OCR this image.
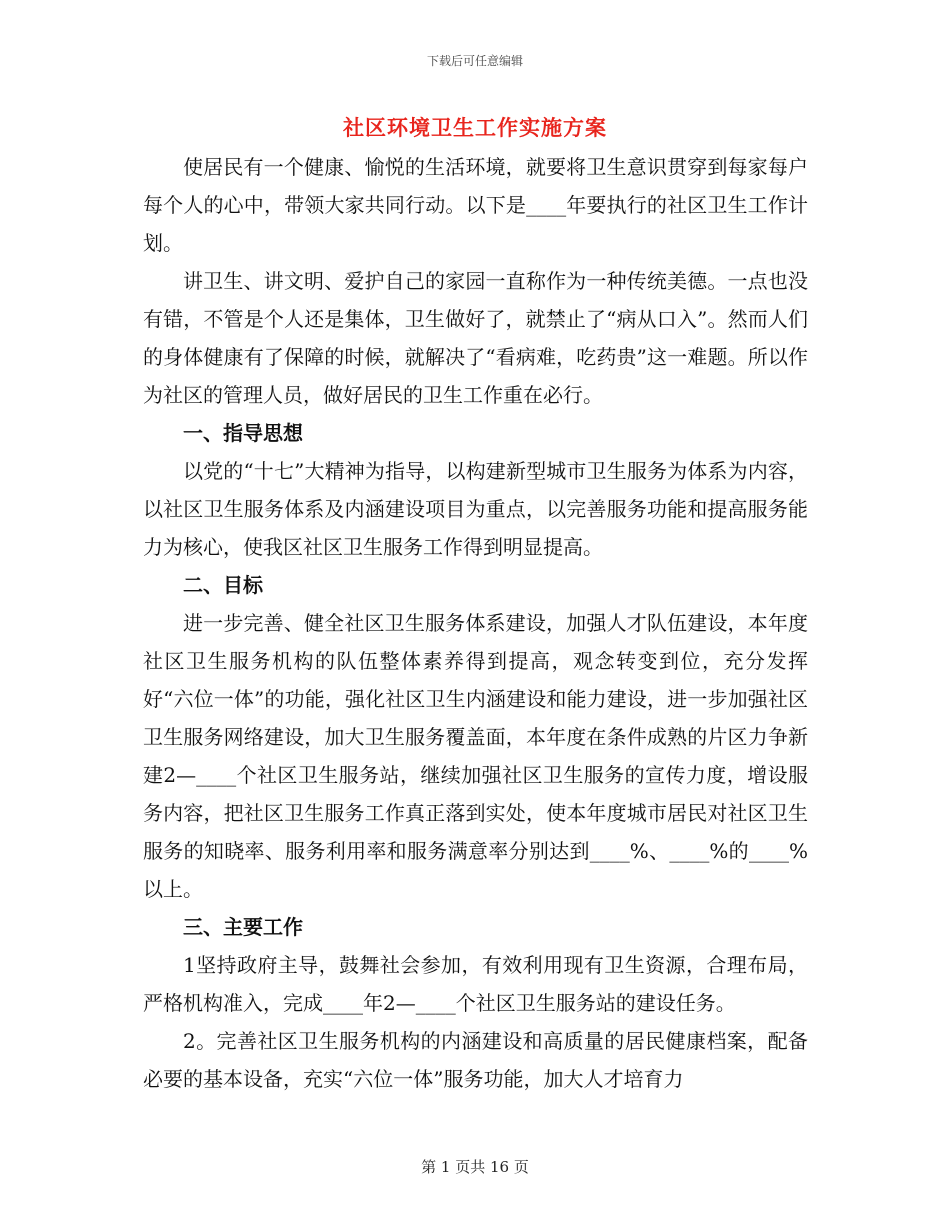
下载后可任意编辑
社区环境卫生工作实施方案

使居民有一个健康、愉悦的生活环境，就要将卫生意识贯穿到每家每户每个人的心中，带领大家共同行动。以下是____年要执行的社区卫生工作计划。

讲卫生、讲文明、爱护自己的家园一直称作为一种传统美德。一点也没有错，不管是个人还是集体，卫生做好了，就禁止了“病从口入”。然而人们的身体健康有了保障的时候，就解决了“看病难，吃药贵”这一难题。所以作为社区的管理人员，做好居民的卫生工作重在必行。

一、指导思想

以党的“十七”大精神为指导，以构建新型城市卫生服务为体系为内容，以社区卫生服务体系及内涵建设项目为重点，以完善服务功能和提高服务能力为核心，使我区社区卫生服务工作得到明显提高。

二、目标

进一步完善、健全社区卫生服务体系建设，加强人才队伍建设，本年度社区卫生服务机构的队伍整体素养得到提高，观念转变到位，充分发挥好“六位一体”的功能，强化社区卫生内涵建设和能力建设，进一步加强社区卫生服务网络建设，加大卫生服务覆盖面，本年度在条件成熟的片区力争新建2—____个社区卫生服务站，继续加强社区卫生服务的宣传力度，增设服务内容，把社区卫生服务工作真正落到实处，使本年度城市居民对社区卫生服务的知晓率、服务利用率和服务满意率分别达到____%、____%的____%以上。

三、主要工作

1坚持政府主导，鼓舞社会参加，有效利用现有卫生资源，合理布局，严格机构准入，完成____年2—____个社区卫生服务站的建设任务。

2。完善社区卫生服务机构的内涵建设和高质量的居民健康档案，配备必要的基本设备，充实“六位一体”服务功能，加大人才培育力

第 1 页共 16 页
